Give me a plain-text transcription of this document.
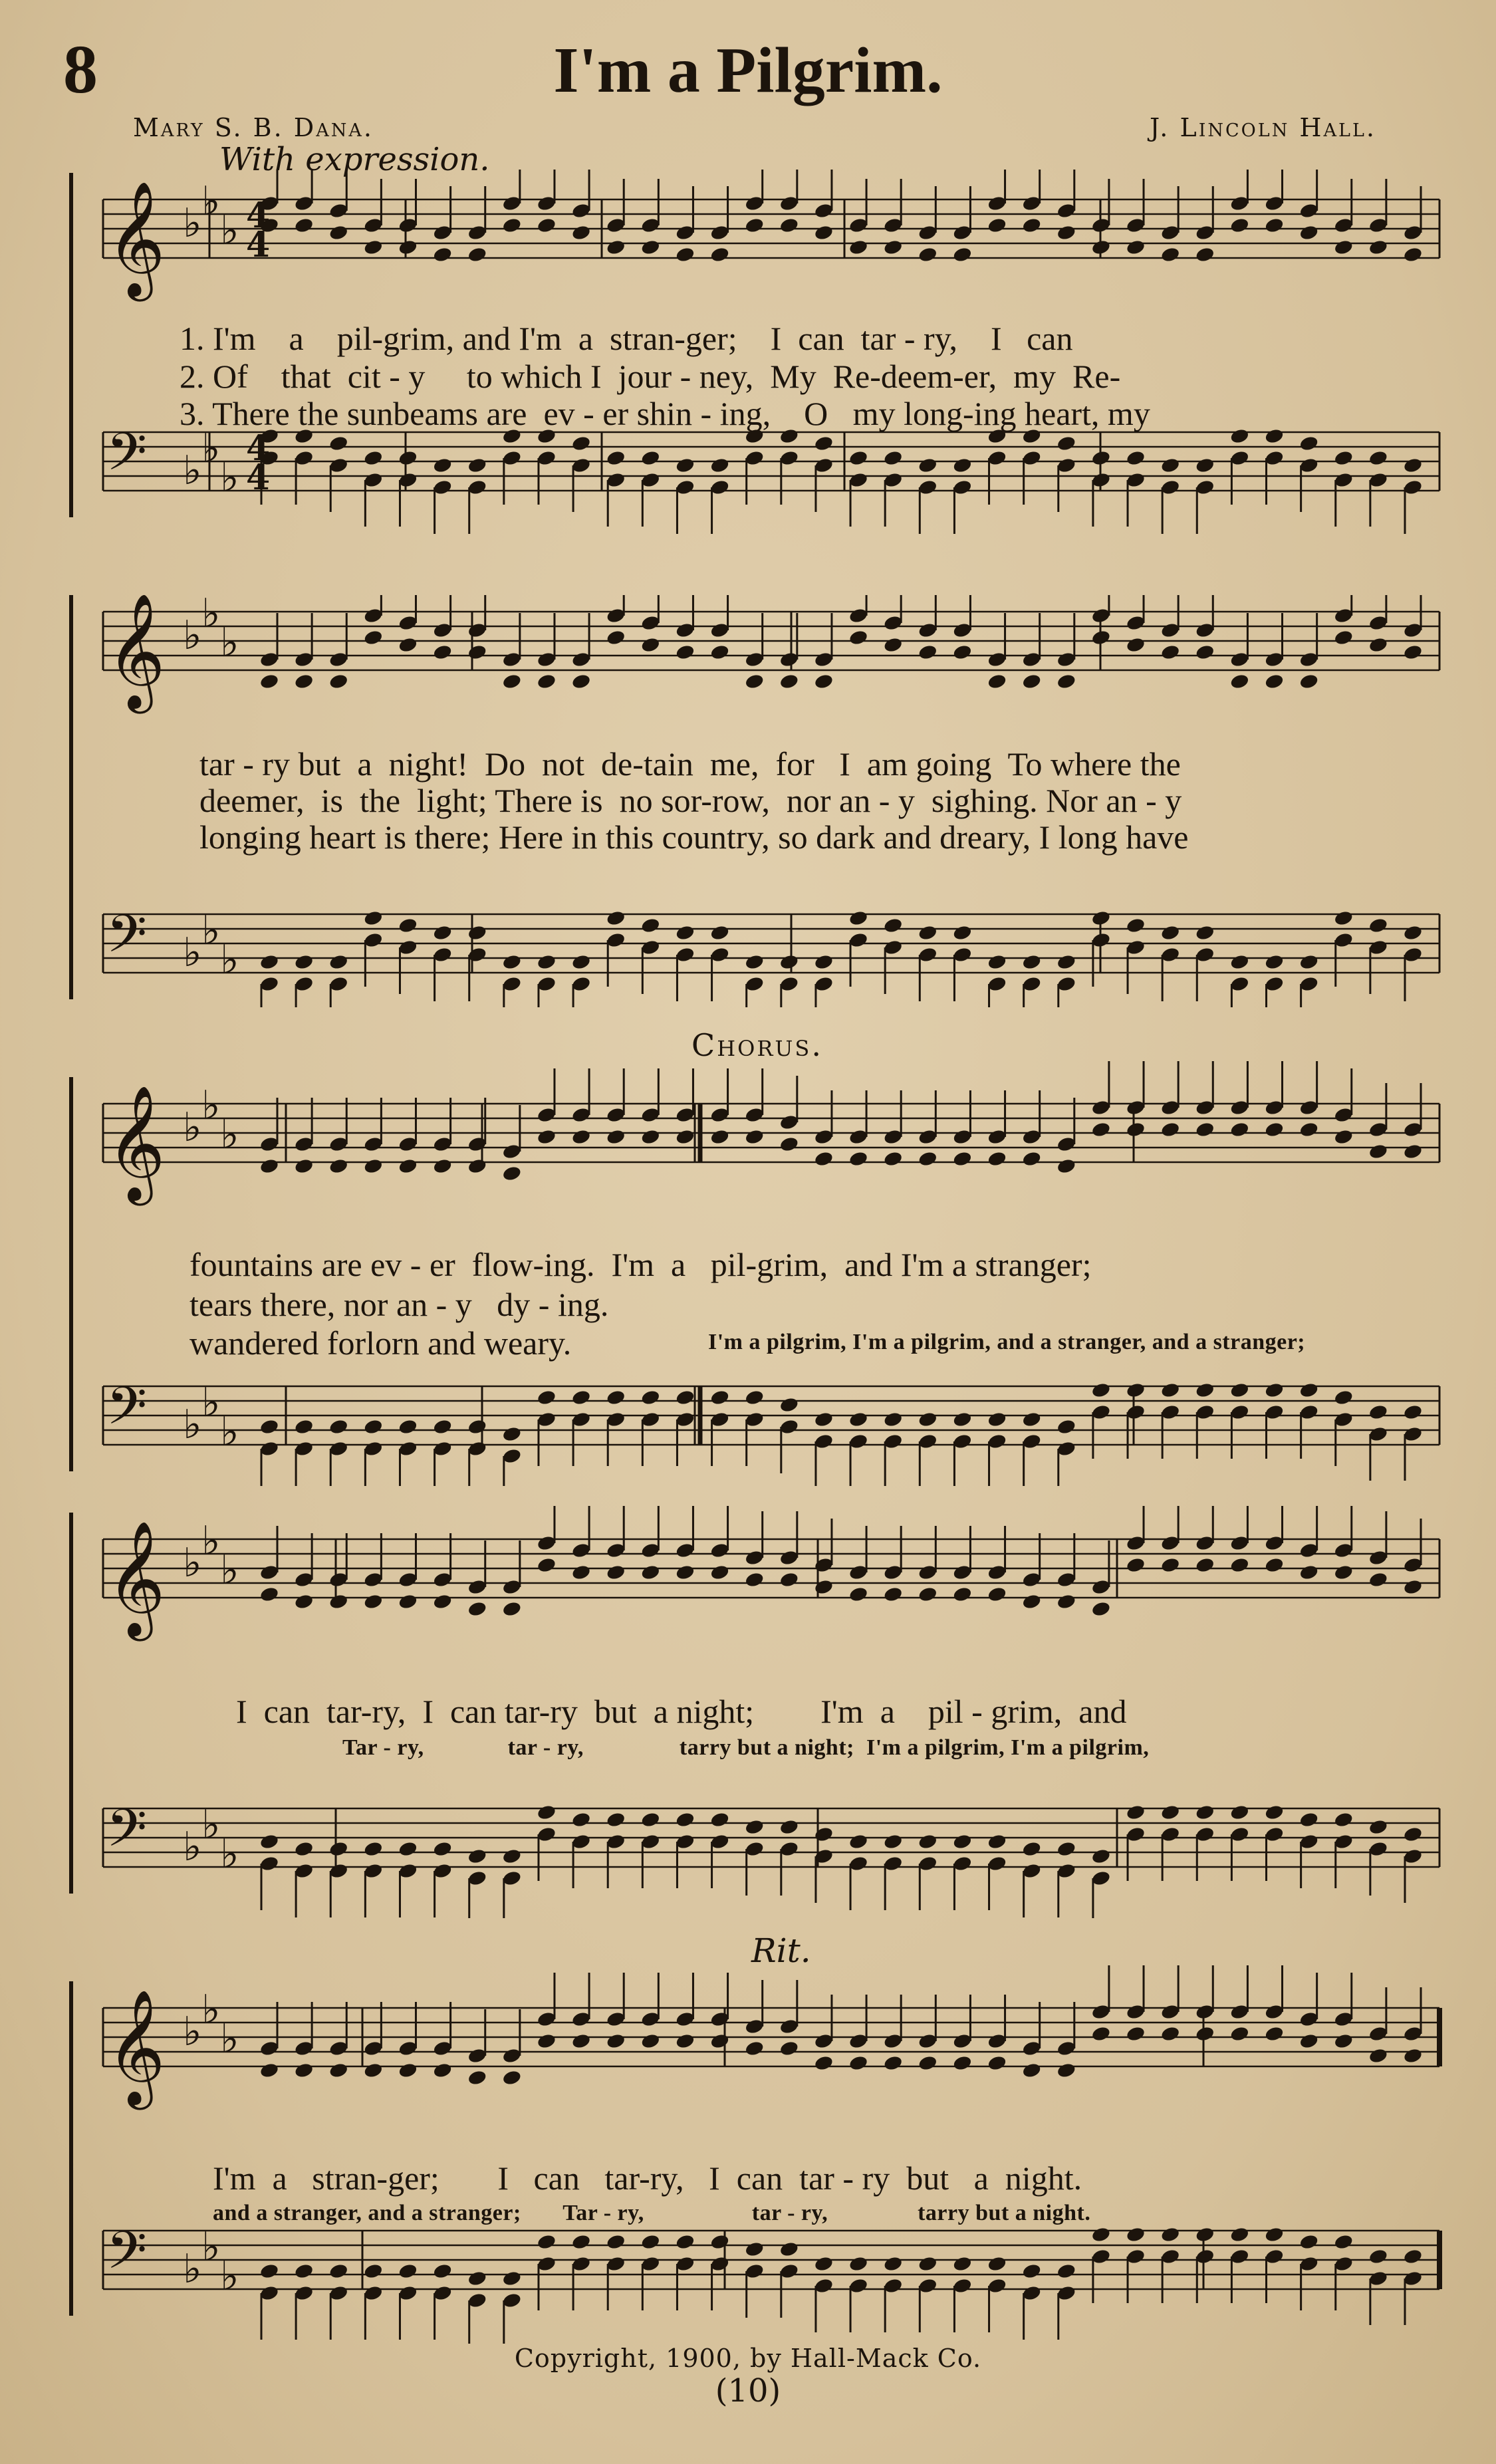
8	I'm a Pilgrim.
Mary S. B. Dana.	J. Lincoln Hall.
With expression.
𝄞 ♭ ♭
♭
𝄢 ♭ ♭
♭
4
4
4
4
1. I'm    a    pil-grim, and I'm  a  stran-ger;    I  can  tar - ry,    I   can
2. Of    that  cit - y     to which I  jour - ney,  My  Re-deem-er,  my  Re-
3. There the sunbeams are  ev - er shin - ing,    O   my long-ing heart, my
𝄞 ♭ ♭
♭
𝄢 ♭ ♭
♭
tar - ry but  a  night!  Do  not  de-tain  me,  for   I  am going  To where the
deemer,  is  the  light; There is  no sor-row,  nor an - y  sighing. Nor an - y
longing heart is there; Here in this country, so dark and dreary, I long have
Chorus.
𝄞 ♭ ♭
♭
𝄢 ♭ ♭
♭
fountains are ev - er  flow-ing.  I'm  a   pil-grim,  and I'm a stranger;
tears there, nor an - y   dy - ing.
wandered forlorn and weary.	I'm a pilgrim, I'm a pilgrim, and a stranger, and a stranger;
𝄞 ♭ ♭
♭
𝄢 ♭ ♭
♭
I  can  tar-ry,  I  can tar-ry  but  a night;        I'm  a    pil - grim,  and
Tar - ry,              tar - ry,                tarry but a night;  I'm a pilgrim, I'm a pilgrim,
Rit.
𝄞 ♭ ♭
♭
𝄢 ♭ ♭
♭
I'm  a   stran-ger;       I   can   tar-ry,   I  can  tar - ry  but   a  night.
and a stranger, and a stranger;       Tar - ry,                  tar - ry,               tarry but a night.
Copyright, 1900, by Hall-Mack Co.
(10)
